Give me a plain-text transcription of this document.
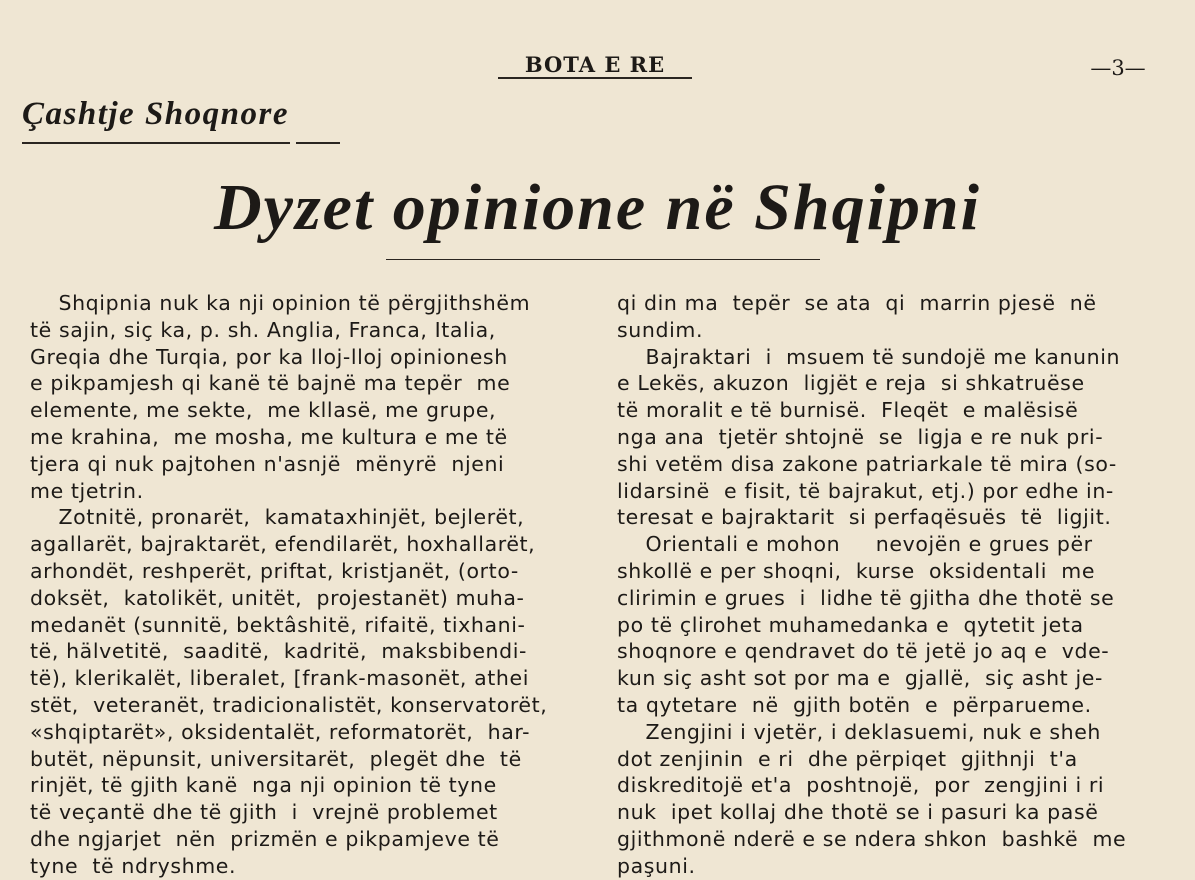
BOTA E RE	—3—
Çashtje Shoqnore
Dyzet opinione në Shqipni
Shqipnia nuk ka nji opinion të përgjithshëm
të sajin, siç ka, p. sh. Anglia, Franca, Italia,
Greqia dhe Turqia, por ka lloj-lloj opinionesh
e pikpamjesh qi kanë të bajnë ma tepër  me
elemente, me sekte,  me kllasë, me grupe,
me krahina,  me mosha, me kultura e me të
tjera qi nuk pajtohen n'asnjë  mënyrë  njeni
me tjetrin.
Zotnitë, pronarët,  kamataxhinjët, bejlerët,
agallarët, bajraktarët, efendilarët, hoxhallarët,
arhondët, reshperët, priftat, kristjanët, (orto-
doksët,  katolikët, unitët,  projestanët) muha-
medanët (sunnitë, bektâshitë, rifaitë, tixhani-
të, hälvetitë,  saaditë,  kadritë,  maksbibendi-
të), klerikalët, liberalet, [frank-masonët, athei
stët,  veteranët, tradicionalistët, konservatorët,
«shqiptarët», oksidentalët, reformatorët,  har-
butët, nëpunsit, universitarët,  plegët dhe  të
rinjët, të gjith kanë  nga nji opinion të tyne
të veçantë dhe të gjith  i  vrejnë problemet
dhe ngjarjet  nën  prizmën e pikpamjeve të
tyne  të ndryshme.
qi din ma  tepër  se ata  qi  marrin pjesë  në
sundim.
Bajraktari  i  msuem të sundojë me kanunin
e Lekës, akuzon  ligjët e reja  si shkatruëse
të moralit e të burnisë.  Fleqët  e malësisë
nga ana  tjetër shtojnë  se  ligja e re nuk pri-
shi vetëm disa zakone patriarkale të mira (so-
lidarsinë  e fisit, të bajrakut, etj.) por edhe in-
teresat e bajraktarit  si perfaqësuës  të  ligjit.
Orientali e mohon     nevojën e grues për
shkollë e per shoqni,  kurse  oksidentali  me
clirimin e grues  i  lidhe të gjitha dhe thotë se
po të çlirohet muhamedanka e  qytetit jeta
shoqnore e qendravet do të jetë jo aq e  vde-
kun siç asht sot por ma e  gjallë,  siç asht je-
ta qytetare  në  gjith botën  e  përparueme.
Zengjini i vjetër, i deklasuemi, nuk e sheh
dot zenjinin  e ri  dhe përpiqet  gjithnji  t'a
diskreditojë et'a  poshtnojë,  por  zengjini i ri
nuk  ipet kollaj dhe thotë se i pasuri ka pasë
gjithmonë nderë e se ndera shkon  bashkë  me
paşuni.
